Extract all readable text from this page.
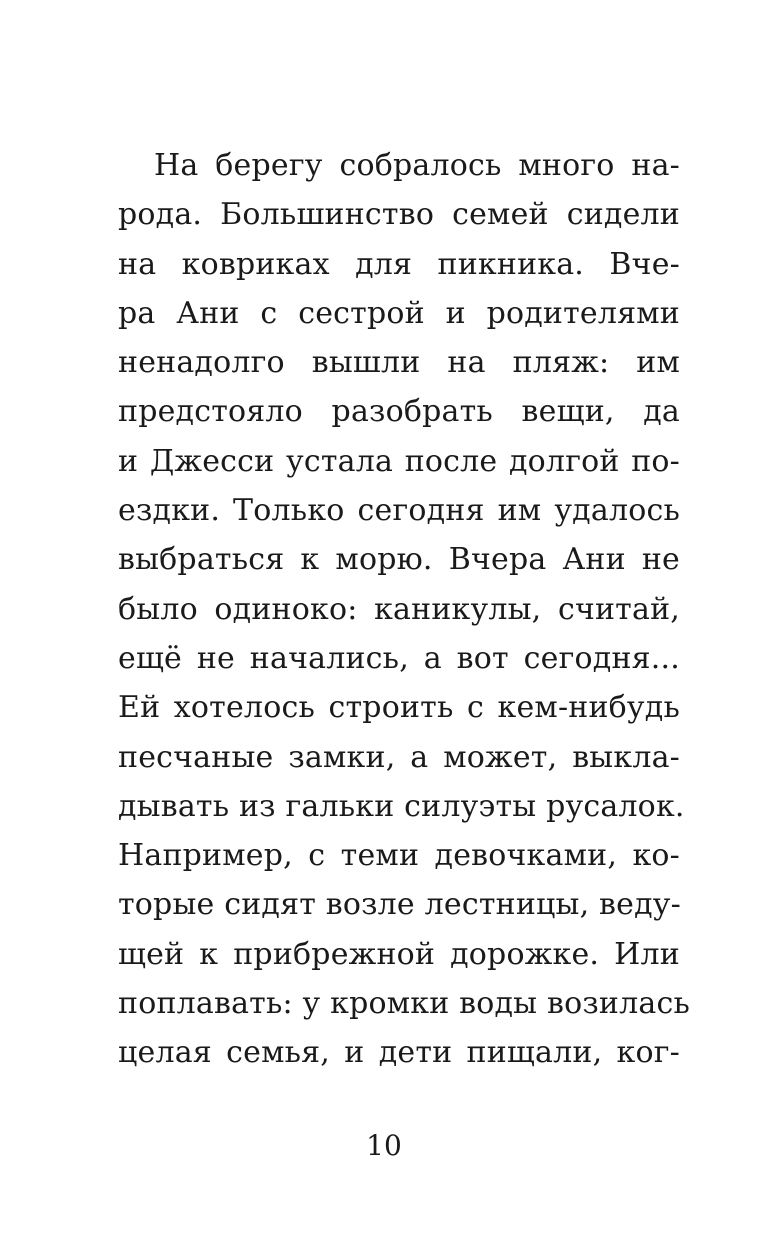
На берегу собралось много на-
рода. Большинство семей сидели
на ковриках для пикника. Вче-
ра Ани с сестрой и родителями
ненадолго вышли на пляж: им
предстояло разобрать вещи, да
и Джесси устала после долгой по-
ездки. Только сегодня им удалось
выбраться к морю. Вчера Ани не
было одиноко: каникулы, считай,
ещё не начались, а вот сегодня...
Ей хотелось строить с кем-нибудь
песчаные замки, а может, выкла-
дывать из гальки силуэты русалок.
Например, с теми девочками, ко-
торые сидят возле лестницы, веду-
щей к прибрежной дорожке. Или
поплавать: у кромки воды возилась
целая семья, и дети пищали, ког-
10
